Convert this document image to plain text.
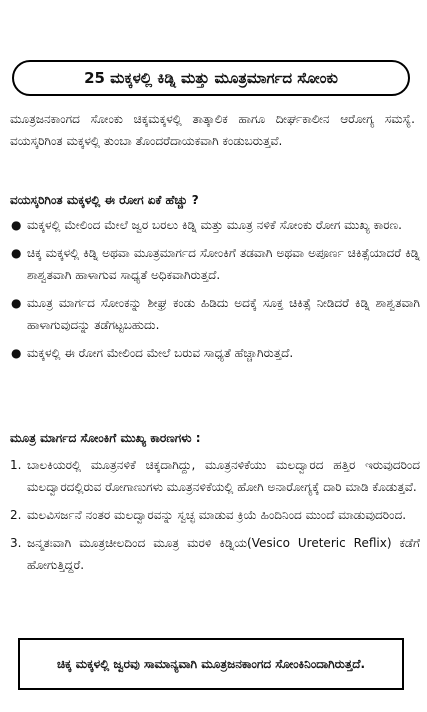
25 ಮಕ್ಕಳಲ್ಲಿ ಕಿಡ್ನಿ ಮತ್ತು ಮೂತ್ರಮಾರ್ಗದ ಸೋಂಕು
ಮೂತ್ರಜನಕಾಂಗದ ಸೋಂಕು ಚಿಕ್ಕಮಕ್ಕಳಲ್ಲಿ ತಾತ್ಕಾಲಿಕ ಹಾಗೂ ದೀರ್ಘಕಾಲೀನ ಆರೋಗ್ಯ ಸಮಸ್ಯೆ. ವಯಸ್ಕರಿಗಿಂತ ಮಕ್ಕಳಲ್ಲಿ ತುಂಬಾ ತೊಂದರೆದಾಯಕವಾಗಿ ಕಂಡುಬರುತ್ತವೆ.
ವಯಸ್ಕರಿಗಿಂತ ಮಕ್ಕಳಲ್ಲಿ ಈ ರೋಗ ಏಕೆ ಹೆಚ್ಚು ?
● ಮಕ್ಕಳಲ್ಲಿ ಮೇಲಿಂದ ಮೇಲೆ ಜ್ವರ ಬರಲು ಕಿಡ್ನಿ ಮತ್ತು ಮೂತ್ರ ನಳಿಕೆ ಸೋಂಕು ರೋಗ ಮುಖ್ಯ ಕಾರಣ.
● ಚಿಕ್ಕ ಮಕ್ಕಳಲ್ಲಿ ಕಿಡ್ನಿ ಅಥವಾ ಮೂತ್ರಮಾರ್ಗದ ಸೋಂಕಿಗೆ ತಡವಾಗಿ ಅಥವಾ ಅಪೂರ್ಣ ಚಿಕಿತ್ಸೆಯಾದರೆ ಕಿಡ್ನಿ ಶಾಶ್ವತವಾಗಿ ಹಾಳಾಗುವ ಸಾಧ್ಯತೆ ಅಧಿಕವಾಗಿರುತ್ತದೆ.
● ಮೂತ್ರ ಮಾರ್ಗದ ಸೋಂಕನ್ನು ಶೀಘ್ರ ಕಂಡು ಹಿಡಿದು ಅದಕ್ಕೆ ಸೂಕ್ತ ಚಿಕಿತ್ಸೆ ನೀಡಿದರೆ ಕಿಡ್ನಿ ಶಾಶ್ವತವಾಗಿ ಹಾಳಾಗುವುದನ್ನು ತಡೆಗಟ್ಟಬಹುದು.
● ಮಕ್ಕಳಲ್ಲಿ ಈ ರೋಗ ಮೇಲಿಂದ ಮೇಲೆ ಬರುವ ಸಾಧ್ಯತೆ ಹೆಚ್ಚಾಗಿರುತ್ತದೆ.
ಮೂತ್ರ ಮಾರ್ಗದ ಸೋಂಕಿಗೆ ಮುಖ್ಯ ಕಾರಣಗಳು :
1. ಬಾಲಕಿಯರಲ್ಲಿ ಮೂತ್ರನಳಿಕೆ ಚಿಕ್ಕದಾಗಿದ್ದು, ಮೂತ್ರನಳಿಕೆಯು ಮಲದ್ವಾರದ ಹತ್ತಿರ ಇರುವುದರಿಂದ ಮಲದ್ವಾರದಲ್ಲಿರುವ ರೋಗಾಣುಗಳು ಮೂತ್ರನಳಿಕೆಯಲ್ಲಿ ಹೋಗಿ ಅನಾರೋಗ್ಯಕ್ಕೆ ದಾರಿ ಮಾಡಿ ಕೊಡುತ್ತವೆ.
2. ಮಲವಿಸರ್ಜನೆ ನಂತರ ಮಲದ್ವಾರವನ್ನು ಸ್ವಚ್ಛ ಮಾಡುವ ಕ್ರಿಯೆ ಹಿಂದಿನಿಂದ ಮುಂದೆ ಮಾಡುವುದರಿಂದ.
3. ಜನ್ಮತಃವಾಗಿ ಮೂತ್ರಚೀಲದಿಂದ ಮೂತ್ರ ಮರಳಿ ಕಿಡ್ನಿಯ(Vesico Ureteric Reflix) ಕಡೆಗೆ ಹೋಗುತ್ತಿದ್ದರೆ.
ಚಿಕ್ಕ ಮಕ್ಕಳಲ್ಲಿ ಜ್ವರವು ಸಾಮಾನ್ಯವಾಗಿ ಮೂತ್ರಜನಕಾಂಗದ ಸೋಂಕಿನಿಂದಾಗಿರುತ್ತದೆ.
